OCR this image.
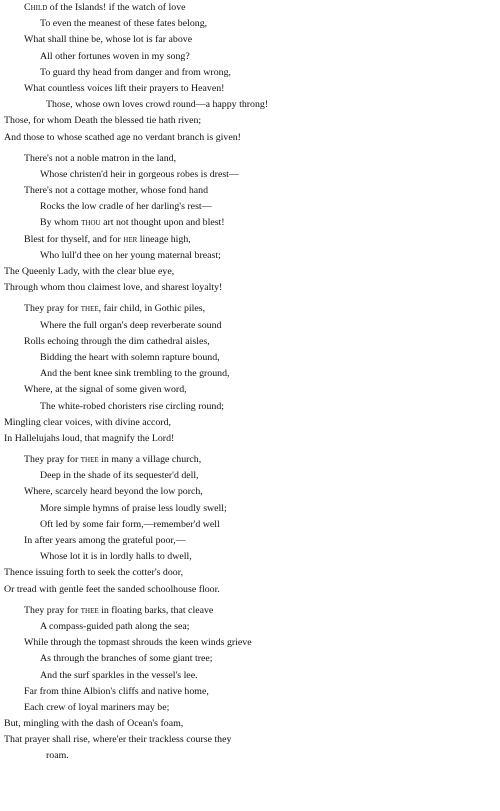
Child of the Islands! if the watch of love
To even the meanest of these fates belong,
What shall thine be, whose lot is far above
All other fortunes woven in my song?
To guard thy head from danger and from wrong,
What countless voices lift their prayers to Heaven!
Those, whose own loves crowd round—a happy throng!
Those, for whom Death the blessed tie hath riven;
And those to whose scathed age no verdant branch is given!
There's not a noble matron in the land,
Whose christen'd heir in gorgeous robes is drest—
There's not a cottage mother, whose fond hand
Rocks the low cradle of her darling's rest—
By whom thou art not thought upon and blest!
Blest for thyself, and for her lineage high,
Who lull'd thee on her young maternal breast;
The Queenly Lady, with the clear blue eye,
Through whom thou claimest love, and sharest loyalty!
They pray for thee, fair child, in Gothic piles,
Where the full organ's deep reverberate sound
Rolls echoing through the dim cathedral aisles,
Bidding the heart with solemn rapture bound,
And the bent knee sink trembling to the ground,
Where, at the signal of some given word,
The white-robed choristers rise circling round;
Mingling clear voices, with divine accord,
In Hallelujahs loud, that magnify the Lord!
They pray for thee in many a village church,
Deep in the shade of its sequester'd dell,
Where, scarcely heard beyond the low porch,
More simple hymns of praise less loudly swell;
Oft led by some fair form,—remember'd well
In after years among the grateful poor,—
Whose lot it is in lordly halls to dwell,
Thence issuing forth to seek the cotter's door,
Or tread with gentle feet the sanded schoolhouse floor.
They pray for thee in floating barks, that cleave
A compass-guided path along the sea;
While through the topmast shrouds the keen winds grieve
As through the branches of some giant tree;
And the surf sparkles in the vessel's lee.
Far from thine Albion's cliffs and native home,
Each crew of loyal mariners may be;
But, mingling with the dash of Ocean's foam,
That prayer shall rise, where'er their trackless course they
roam.
